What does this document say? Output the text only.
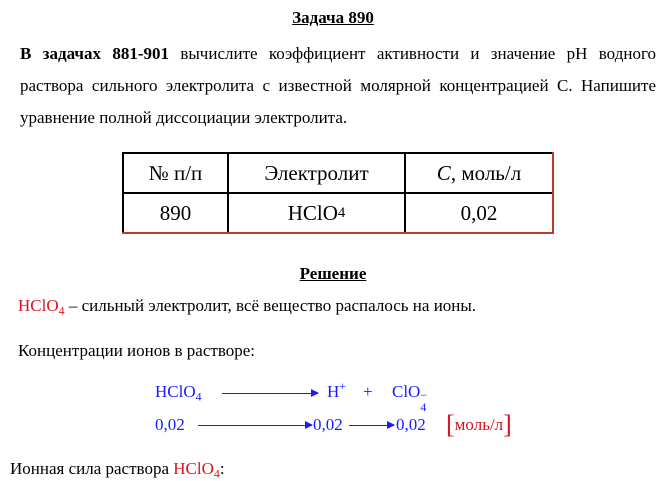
Задача 890
В задачах 881-901 вычислите коэффициент активности и значение pH водного раствора сильного электролита с известной молярной концентрацией С. Напишите уравнение полной диссоциации электролита.
№ п/п	Электролит	C , моль/л
890	HClO 4	0,02
Решение
HClO$_4$ – сильный электролит, всё вещество распалось на ионы.
Концентрации ионов в растворе:
HClO$_4$	H+ + ClO −
4
0,02	0,02	0,02 [моль/л]
Ионная сила раствора HClO$_4$:
